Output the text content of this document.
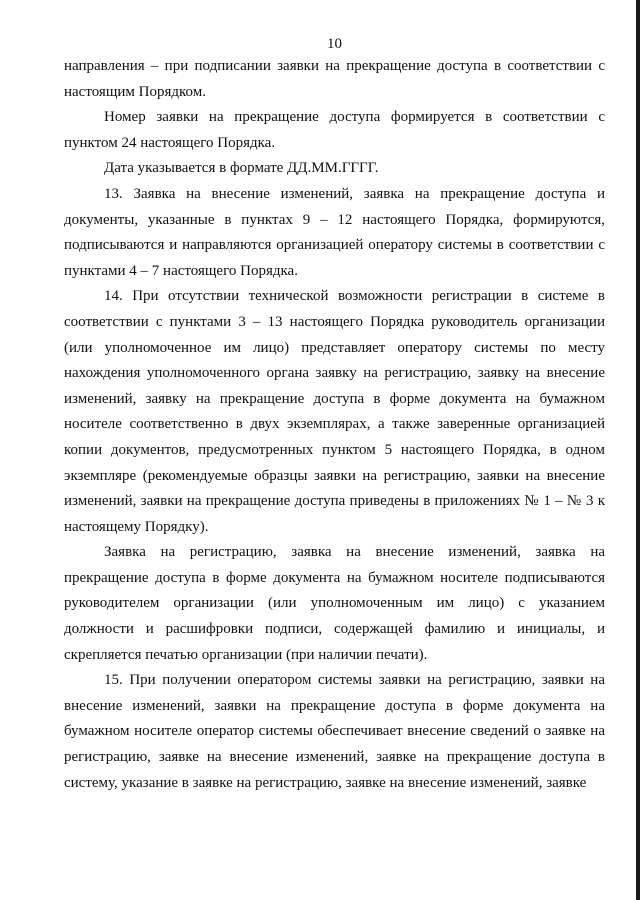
10

направления – при подписании заявки на прекращение доступа в соответствии с настоящим Порядком.

Номер заявки на прекращение доступа формируется в соответствии с пунктом 24 настоящего Порядка.

Дата указывается в формате ДД.ММ.ГГГГ.

13. Заявка на внесение изменений, заявка на прекращение доступа и документы, указанные в пунктах 9 – 12 настоящего Порядка, формируются, подписываются и направляются организацией оператору системы в соответствии с пунктами 4 – 7 настоящего Порядка.

14. При отсутствии технической возможности регистрации в системе в соответствии с пунктами 3 – 13 настоящего Порядка руководитель организации (или уполномоченное им лицо) представляет оператору системы по месту нахождения уполномоченного органа заявку на регистрацию, заявку на внесение изменений, заявку на прекращение доступа в форме документа на бумажном носителе соответственно в двух экземплярах, а также заверенные организацией копии документов, предусмотренных пунктом 5 настоящего Порядка, в одном экземпляре (рекомендуемые образцы заявки на регистрацию, заявки на внесение изменений, заявки на прекращение доступа приведены в приложениях № 1 – № 3 к настоящему Порядку).

Заявка на регистрацию, заявка на внесение изменений, заявка на прекращение доступа в форме документа на бумажном носителе подписываются руководителем организации (или уполномоченным им лицо) с указанием должности и расшифровки подписи, содержащей фамилию и инициалы, и скрепляется печатью организации (при наличии печати).

15. При получении оператором системы заявки на регистрацию, заявки на внесение изменений, заявки на прекращение доступа в форме документа на бумажном носителе оператор системы обеспечивает внесение сведений о заявке на регистрацию, заявке на внесение изменений, заявке на прекращение доступа в систему, указание в заявке на регистрацию, заявке на внесение изменений, заявке
